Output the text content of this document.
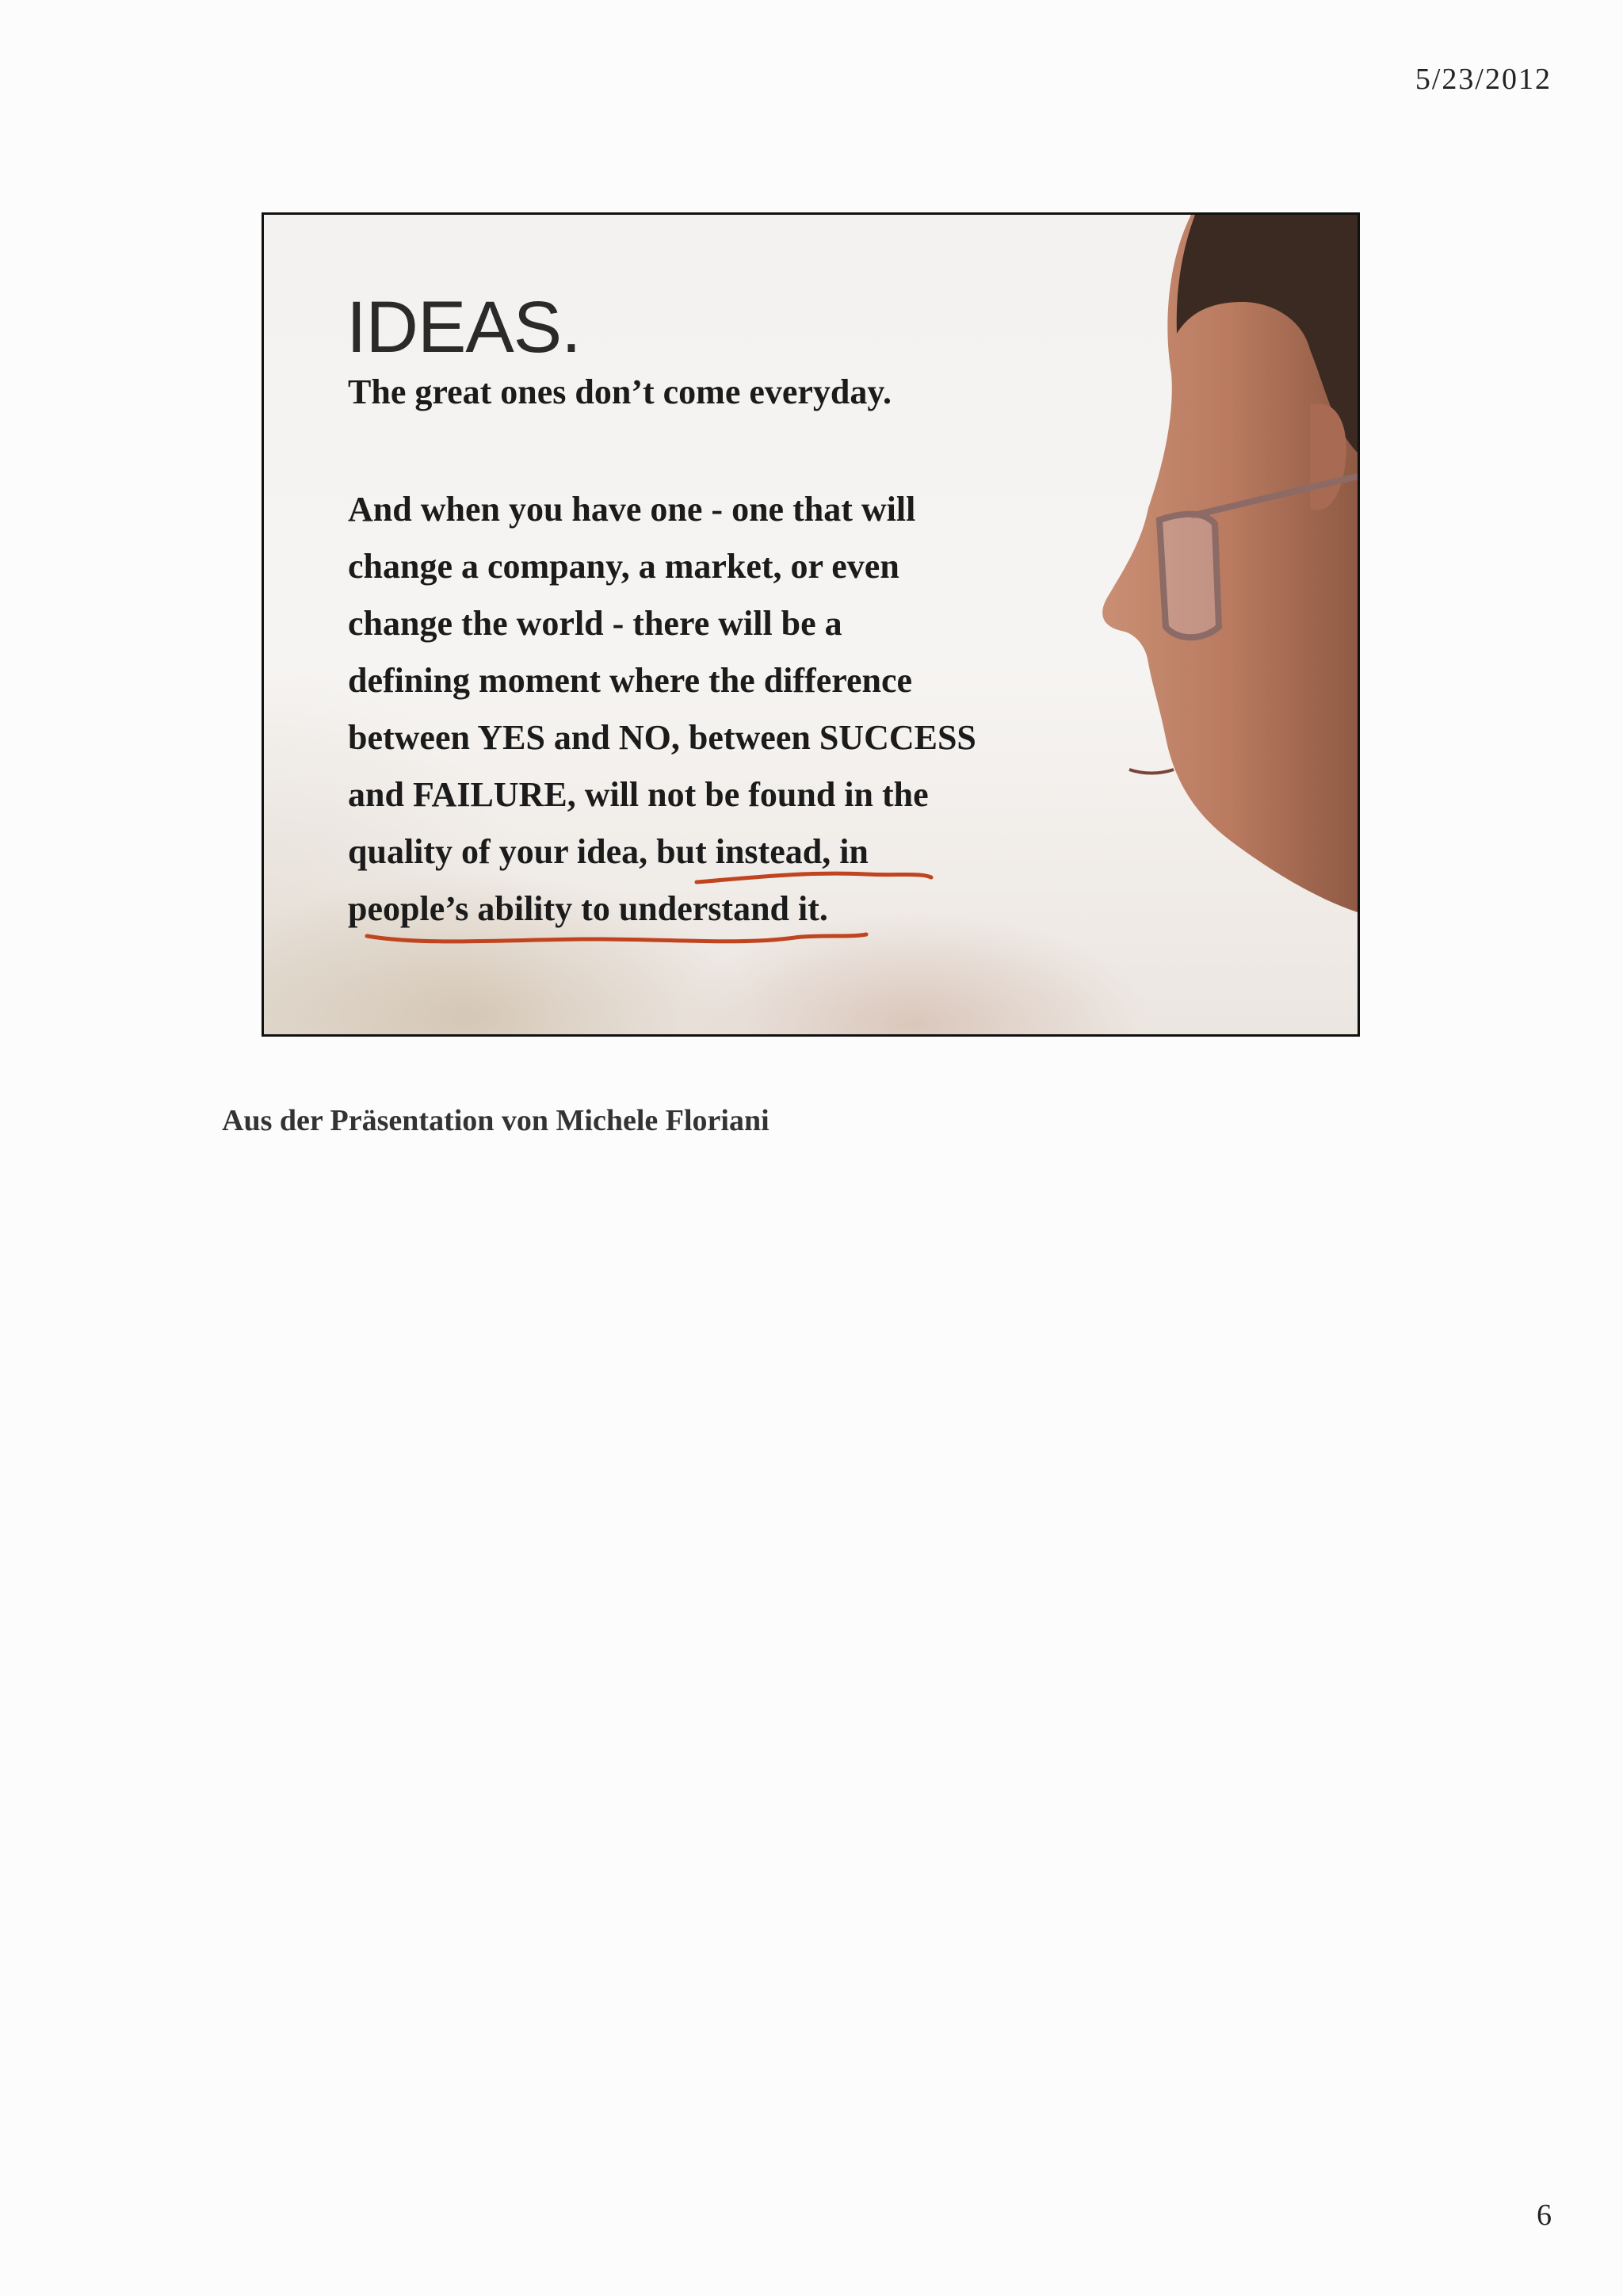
5/23/2012
IDEAS.
The great ones don’t come everyday.
And when you have one - one that will
change a company, a market, or even
change the world - there will be a
defining moment where the difference
between YES and NO, between SUCCESS
and FAILURE, will not be found in the
quality of your idea, but instead, in
people’s ability to understand it.
Aus der Präsentation von Michele Floriani
6
